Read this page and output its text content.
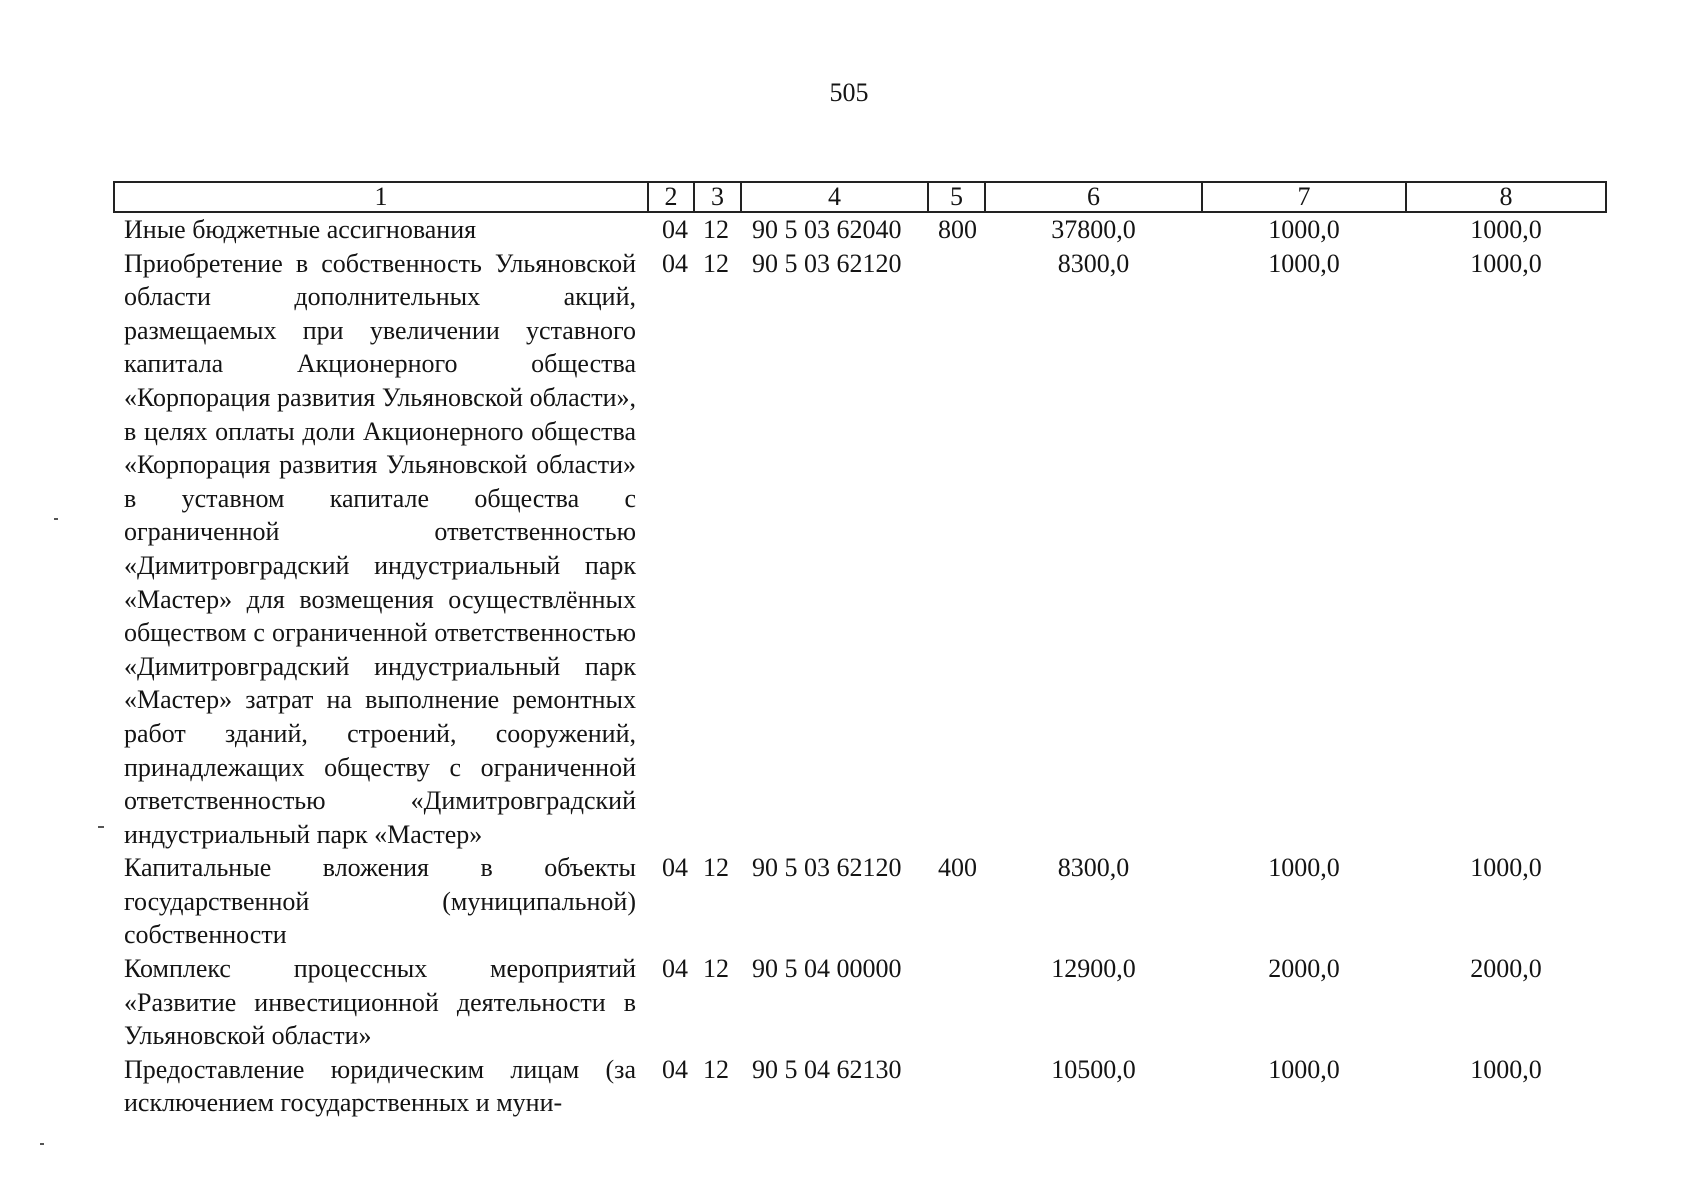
505
1	2	3	4	5	6	7	8
Иные бюджетные ассигнования	04	12	90 5 03 62040	800	37800,0	1000,0	1000,0
Приобретение в собственность Ульяновской области дополнительных акций, размещаемых при увеличении уставного капитала Акционерного общества «Корпорация развития Ульяновской области», в целях оплаты доли Акционерного общества «Корпорация развития Ульяновской области» в уставном капитале общества с ограниченной ответственностью «Димитровградский индустриальный парк «Мастер» для возмещения осуществлённых обществом с ограниченной ответственностью «Димитровградский индустриальный парк «Мастер» затрат на выполнение ремонтных работ зданий, строений, сооружений, принадлежащих обществу с ограниченной ответственностью «Димитровградский индустриальный парк «Мастер»	04	12	90 5 03 62120		8300,0	1000,0	1000,0
Капитальные вложения в объекты государственной (муниципальной) собственности	04	12	90 5 03 62120	400	8300,0	1000,0	1000,0
Комплекс процессных мероприятий «Развитие инвестиционной деятельности в Ульяновской области»	04	12	90 5 04 00000		12900,0	2000,0	2000,0
Предоставление юридическим лицам (за исключением государственных и муни-	04	12	90 5 04 62130		10500,0	1000,0	1000,0
